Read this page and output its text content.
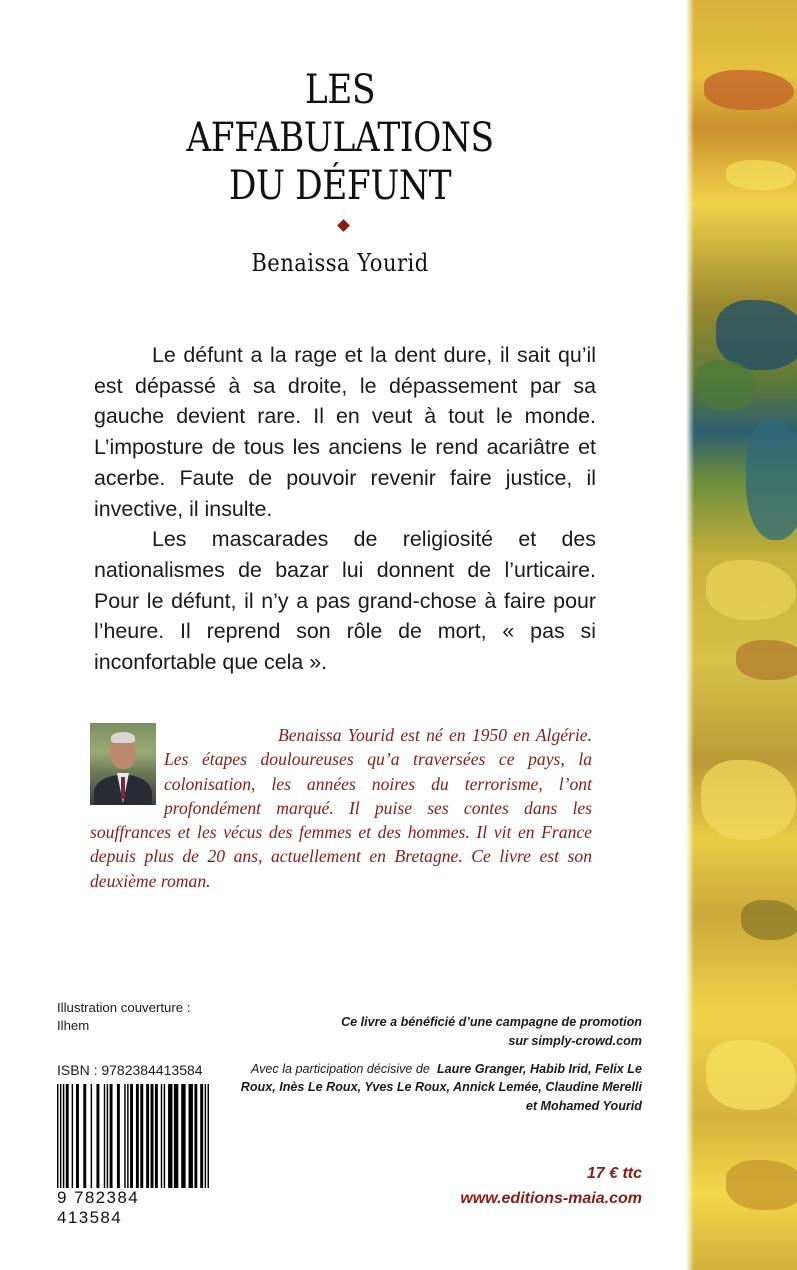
LES
AFFABULATIONS
DU DÉFUNT

Benaissa Yourid

Le défunt a la rage et la dent dure, il sait qu’il est dépassé à sa droite, le dépassement par sa gauche devient rare. Il en veut à tout le monde. L’imposture de tous les anciens le rend acariâtre et acerbe. Faute de pouvoir revenir faire justice, il invective, il insulte.

Les mascarades de religiosité et des nationalismes de bazar lui donnent de l’urticaire. Pour le défunt, il n’y a pas grand-chose à faire pour l’heure. Il reprend son rôle de mort, « pas si inconfortable que cela ».

Benaissa Yourid est né en 1950 en Algérie. Les étapes douloureuses qu’a traversées ce pays, la colonisation, les années noires du terrorisme, l’ont profondément marqué. Il puise ses contes dans les souffrances et les vécus des femmes et des hommes. Il vit en France depuis plus de 20 ans, actuellement en Bretagne. Ce livre est son deuxième roman.

Illustration couverture : Ilhem

ISBN : 9782384413584

9 782384 413584

Ce livre a bénéficié d’une campagne de promotion
sur simply-crowd.com

Avec la participation décisive de Laure Granger, Habib Irid, Felix Le Roux, Inès Le Roux, Yves Le Roux, Annick Lemée, Claudine Merelli et Mohamed Yourid

17 € ttc

www.editions-maia.com
